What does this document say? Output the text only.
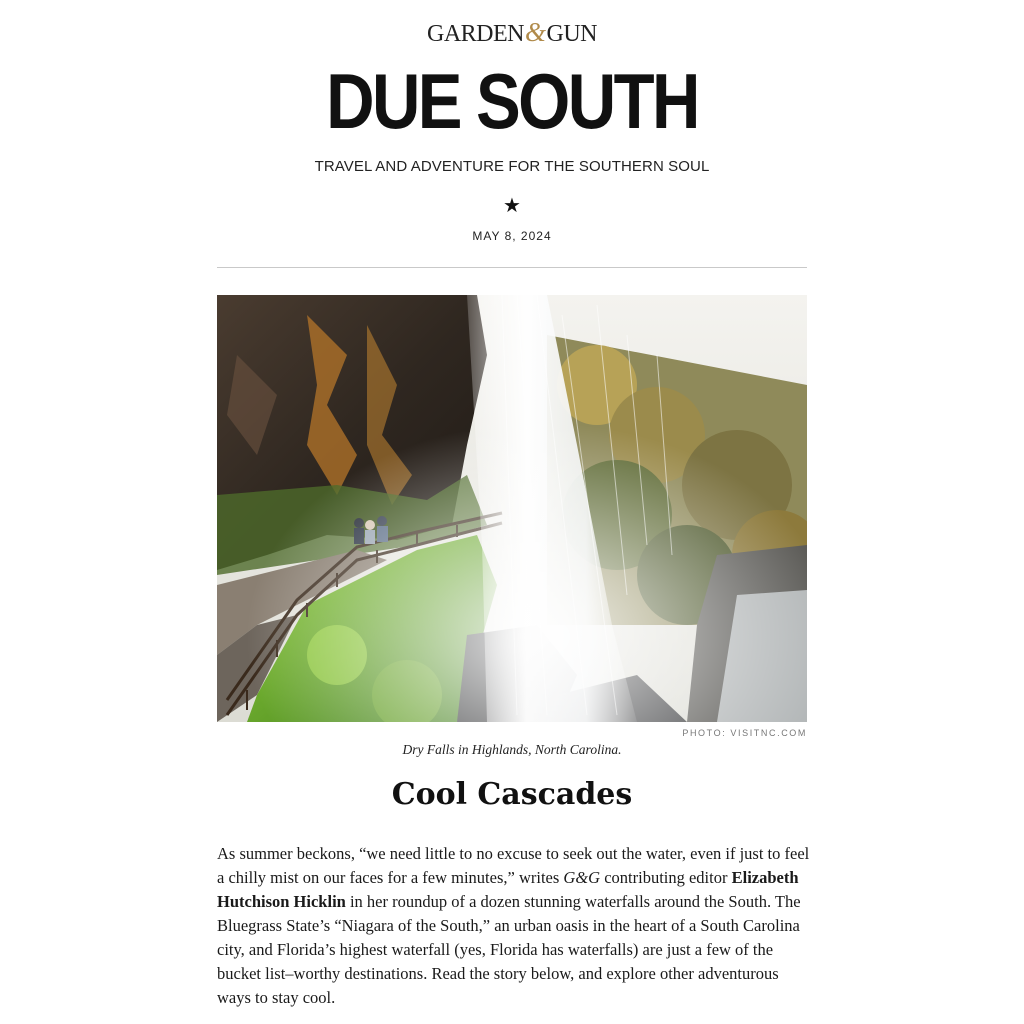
GARDEN&GUN
DUE SOUTH
TRAVEL AND ADVENTURE FOR THE SOUTHERN SOUL
★
MAY 8, 2024
PHOTO: VISITNC.COM
Dry Falls in Highlands, North Carolina.
Cool Cascades

As summer beckons, “we need little to no excuse to seek out the water, even if just to feel a chilly mist on our faces for a few minutes,” writes G&G contributing editor Elizabeth Hutchison Hicklin in her roundup of a dozen stunning waterfalls around the South. The Bluegrass State’s “Niagara of the South,” an urban oasis in the heart of a South Carolina city, and Florida’s highest waterfall (yes, Florida has waterfalls) are just a few of the bucket list–worthy destinations. Read the story below, and explore other adventurous ways to stay cool.
